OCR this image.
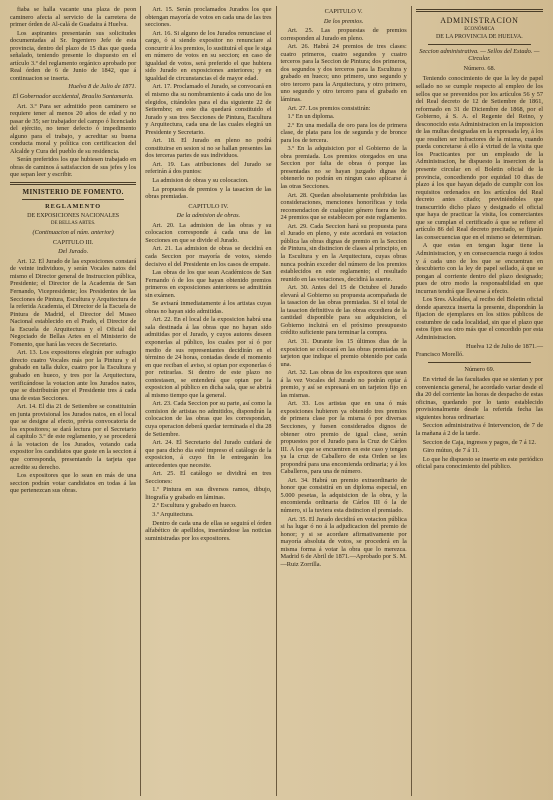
fiaba se halla vacante una plaza de peon caminero afecta al servicio de la carretera de primer órden de Al-calá de Guadaira á Huelva.

Los aspirantes presentarán sus solicitudes documentadas al Sr. Ingeniero Jefe de esta provincia, dentro del plazo de 15 dias que queda señalado, teniendo presente lo dispuesto en el artículo 3.º del reglamento orgánico aprobado por Real órden de 6 de Junio de 1842, que á continuacion se inserta.

Huelva 8 de Julio de 1871.

El Gobernador accidental, Braulio Santamaria.

Art. 3.º Para ser admitido peon caminero se requiere tener al menos 20 años de edad y no pasar de 35; ser trabajador del campo ó licenciado del ejército, no tener defecto ó impedimento alguno para el trabajo, y acreditar su buena conducta moral y política con certificacion del Alcalde y Cura del pueblo de su residencia.

Serán preferidos los que hubiesen trabajado en obras de caminos á satisfaccion de sus jefes y los que sepan leer y escribir.

MINISTERIO DE FOMENTO.
REGLAMENTO
DE EXPOSICIONES NACIONALES
DE BELLAS ARTES.
(Continuacion al núm. anterior)
CAPITULO III.
Del Jurado.

Art. 12. El Jurado de las exposiciones constará de veinte individuos, y serán Vocales natos del mismo el Director general de Instruccion pública, Presidente; el Director de la Academia de San Fernando, Vicepresidente; los Presidentes de las Secciones de Pintura, Escultura y Arquitectura de la referida Academia, el Director de la Escuela de Pintura de Madrid, el Director del Museo Nacional establecido en el Prado, el Director de la Escuela de Arquitectura y el Oficial del Negociado de Bellas Artes en el Ministerio de Fomento, que hará las veces de Secretario.

Art. 13. Los expositores elegirán por sufragio directo cuatro Vocales más por la Pintura y el grabado en talla dulce, cuatro por la Escultura y grabado en hueco, y tres por la Arquitectura, verificándose la votacion ante los Jurados natos, que se distribuirán por el Presidente tres á cada una de estas Secciones.

Art. 14. El dia 21 de Setiembre se constituirán en junta provisional los Jurados natos, en el local que se designe al efecto, prévia convocatoria de los expositores; se dará lectura por el Secretario al capítulo 3.º de este reglamento, y se procederá á la votacion de los Jurados, votando cada expositor los candidatos que guste en la seccion á que corresponda, presentando la tarjeta que acredite su derecho.

Los expositores que lo sean en más de una seccion podrán votar candidatos en todas á las que pertenezcan sus obras.

Art. 15. Serán proclamados Jurados los que obtengan mayoría de votos en cada una de las tres secciones.

Art. 16. Si alguno de los Jurados renunciase el cargo, ó si siendo expositor no renunciare al concurrir á los premios, lo sustituirá el que le siga en número de votos en su seccion; en caso de igualdad de votos, será preferido el que hubiera sido Jurado en exposiciones anteriores; y en igualdad de circunstancias el de mayor edad.

Art. 17. Proclamado el Jurado, se convocará en el mismo dia su nombramiento á cada uno de los elegidos, citándoles para el dia siguiente 22 de Setiembre; en este dia quedará constituido el Jurado y sus tres Secciones de Pintura, Escultura y Arquitectura, cada una de las cuales elegirá un Presidente y Secretario.

Art. 18. El Jurado en pleno no podrá constituirse en sesion si no se hallan presentes las dos terceras partes de sus individuos.

Art. 19. Las atribuciones del Jurado se referirán á dos puntos:

La admision de obras y su colocacion.

La propuesta de premios y la tasacion de las obras premiadas.

CAPITULO IV.
De la admision de obras.

Art. 20. La admision de las obras y su colocacion corresponde á cada una de las Secciones en que se divide el Jurado.

Art. 21. La admision de obras se decidirá en cada Seccion por mayoría de votos, siendo decisivo el del Presidente en los casos de empate.

Las obras de los que sean Académicos de San Fernando ó de los que hayan obtenido premios primeros en exposiciones anteriores se admitirán sin exámen.

Se avisará inmediatamente á los artistas cuyas obras no hayan sido admitidas.

Art. 22. En el local de la exposicion habrá una sala destinada á las obras que no hayan sido admitidas por el Jurado, y cuyos autores deseen exponerlas al público, los cuales por sí ó por medio de sus representantes decidirán en el término de 24 horas, contadas desde el momento en que reciban el aviso, si optan por exponerlas ó por retirarlas. Si dentro de este plazo no contestasen, se entenderá que optan por la exposicion al público en dicha sala, que se abrirá al mismo tiempo que la general.

Art. 23. Cada Seccion por su parte, así como la comision de artistas no admitidos, dispondrán la colocacion de las obras que les correspondan, cuya operacion deberá quedar terminada el dia 28 de Setiembre.

Art. 24. El Secretario del Jurado cuidará de que para dicho dia esté impreso el catálogo de la exposicion, á cuyo fin le entregarán los antecedentes que necesite.

Art. 25. El catálogo se dividirá en tres Secciones:

1.º Pintura en sus diversos ramos, dibujo, litografía y grabado en láminas.

2.º Escultura y grabado en hueco.

3.º Arquitectura.

Dentro de cada una de ellas se seguirá el órden alfabético de apellidos, insertándose las noticias suministradas por los expositores.

CAPITULO V.
De los premios.

Art. 25. Las propuestas de premios corresponden al Jurado en pleno.

Art. 26. Habrá 24 premios de tres clases: cuatro primeros, cuatro segundos y cuatro terceros para la Seccion de Pintura; dos primeros, dos segundos y dos terceros para la Escultura y grabado en hueco; uno primero, uno segundo y otro tercero para la Arquitectura, y otro primero, uno segundo y otro tercero para el grabado en láminas.

Art. 27. Los premios consistirán:

1.º En un diploma.

2.º En una medalla de oro para los de primera clase, de plata para los de segunda y de bronce para los de tercera.

3.º En la adquisicion por el Gobierno de la obra premiada. Los premios otorgados en una Seccion por falta de obras ó porque las presentadas no se hayan juzgado dignas de obtenerlo no podrán en ningun caso aplicarse á las otras Secciones.

Art. 28. Quedan absolutamente prohibidas las consideraciones, menciones honoríficas y toda recomendacion de cualquier género fuera de los 24 premios que se establecen por este reglamento.

Art. 29. Cada Seccion hará su propuesta para el Jurado en pleno, y este acordará en votacion pública las obras dignas de premio en la Seccion de Pintura, sin distincion de clases al principio, en la Escultura y en la Arquitectura, cuyas obras nunca podrán exceder del número de los premios establecidos en este reglamento; el resultado reunido en las votaciones, decidirá la suerte.

Art. 30. Antes del 15 de Octubre el Jurado elevará al Gobierno su propuesta acompañada de la tasacion de las obras premiadas. Si el total de la tasacion definitiva de las obras excediera de la cantidad disponible para su adquisicion, el Gobierno incluirá en el próximo presupuesto crédito suficiente para terminar la compra.

Art. 31. Durante los 15 últimos dias de la exposicion se colocará en las obras premiadas un tarjeton que indique el premio obtenido por cada una.

Art. 32. Las obras de los expositores que sean á la vez Vocales del Jurado no podrán optar á premio, y así se expresará en un tarjeton fijo en las mismas.

Art. 33. Los artistas que en una ó más exposiciones hubieren ya obtenido tres premios de primera clase por la misma ó por diversas Secciones, y fuesen considerados dignos de obtener otro premio de igual clase, serán propuestos por el Jurado para la Cruz de Cárlos III. A los que se encuentren en este caso y tengan ya la cruz de Caballero de esta Orden se les propondrá para una encomienda ordinaria; y á los Caballeros, para una de número.

Art. 34. Habrá un premio extraordinario de honor que consistirá en un diploma especial, en 5.000 pesetas, la adquisicion de la obra, y la encomienda ordinaria de Cárlos III ó la de número, si la tuviera esta distincion el premiado.

Art. 35. El Jurado decidirá en votacion pública si ha lugar ó no á la adjudicacion del premio de honor; y si se acordare afirmativamente por mayoría absoluta de votos, se procederá en la misma forma á votar la obra que lo merezca. Madrid 6 de Abril de 1871.—Aprobado por S. M.—Ruiz Zorrilla.

ADMINISTRACION
ECONÓMICA
DE LA PROVINCIA DE HUELVA.
Seccion administrativa. — Sellos del Estado. — Circular.
Número. 68.

Teniendo conocimiento de que la ley de papel sellado no se cumple respecto al empleo de los sellos que se prevenidos por los artículos 56 y 57 del Real decreto de 12 de Setiembre de 1861, reformado en 31 de Diciembre de 1868, por el Gobierno, á S. A. el Regente del Reino, y desconocido esta Administracion en la imposicion de las multas designadas en la expresada ley, á los que resulten ser infractores de la misma, cuando pueda concretarse á ello á virtud de la visita que los Practicantes por un empleado de la Administracion, he dispuesto la insercion de la presente circular en el Boletin oficial de la provincia, concediendo por equidad 10 dias de plazo á los que hayan dejado de cumplir con los requisitos ordenados en los artículos del Real decreto antes citado; previniéndoles que transcurrido dicho plazo y designado el oficial que haya de practicar la visita, los comerciantes que se cumplan el certificado á que se refiere el artículo 86 del Real decreto precitado, se fijarán las consecuencias que en el mismo se determinan.

A que estas en tengan lugar tiene la Administracion, y en consecuencia ruego á todos y á cada uno de los que se encuentran en descubierto con la ley de papel sellado, á que se pongan al corriente dentro del plazo designado; pues de otro modo la responsabilidad en que incurran tendrá que llevarse á efecto.

Los Sres. Alcaldes, al recibo del Boletin oficial donde aparezca inserta la presente, dispondrán la fijacion de ejemplares en los sitios públicos de costumbre de cada localidad, sin que el plazo que estos fijen sea otro más que el concedido por esta Administracion.

Huelva 12 de Julio de 1871.—

Francisco Morelló.

Número 69.

En virtud de las facultades que se sientan y por conveniencia general, he acordado variar desde el dia 20 del corriente las horas de despacho de estas oficinas, quedando por lo tanto establecido provisionalmente desde la referida fecha las siguientes horas ordinarias:

Seccion administrativa é Intervencion, de 7 de la mañana á 2 de la tarde.

Seccion de Caja, ingresos y pagos, de 7 á 12.

Giro mútuo, de 7 á 11.

Lo que he dispuesto se inserte en este periódico oficial para conocimiento del público.
